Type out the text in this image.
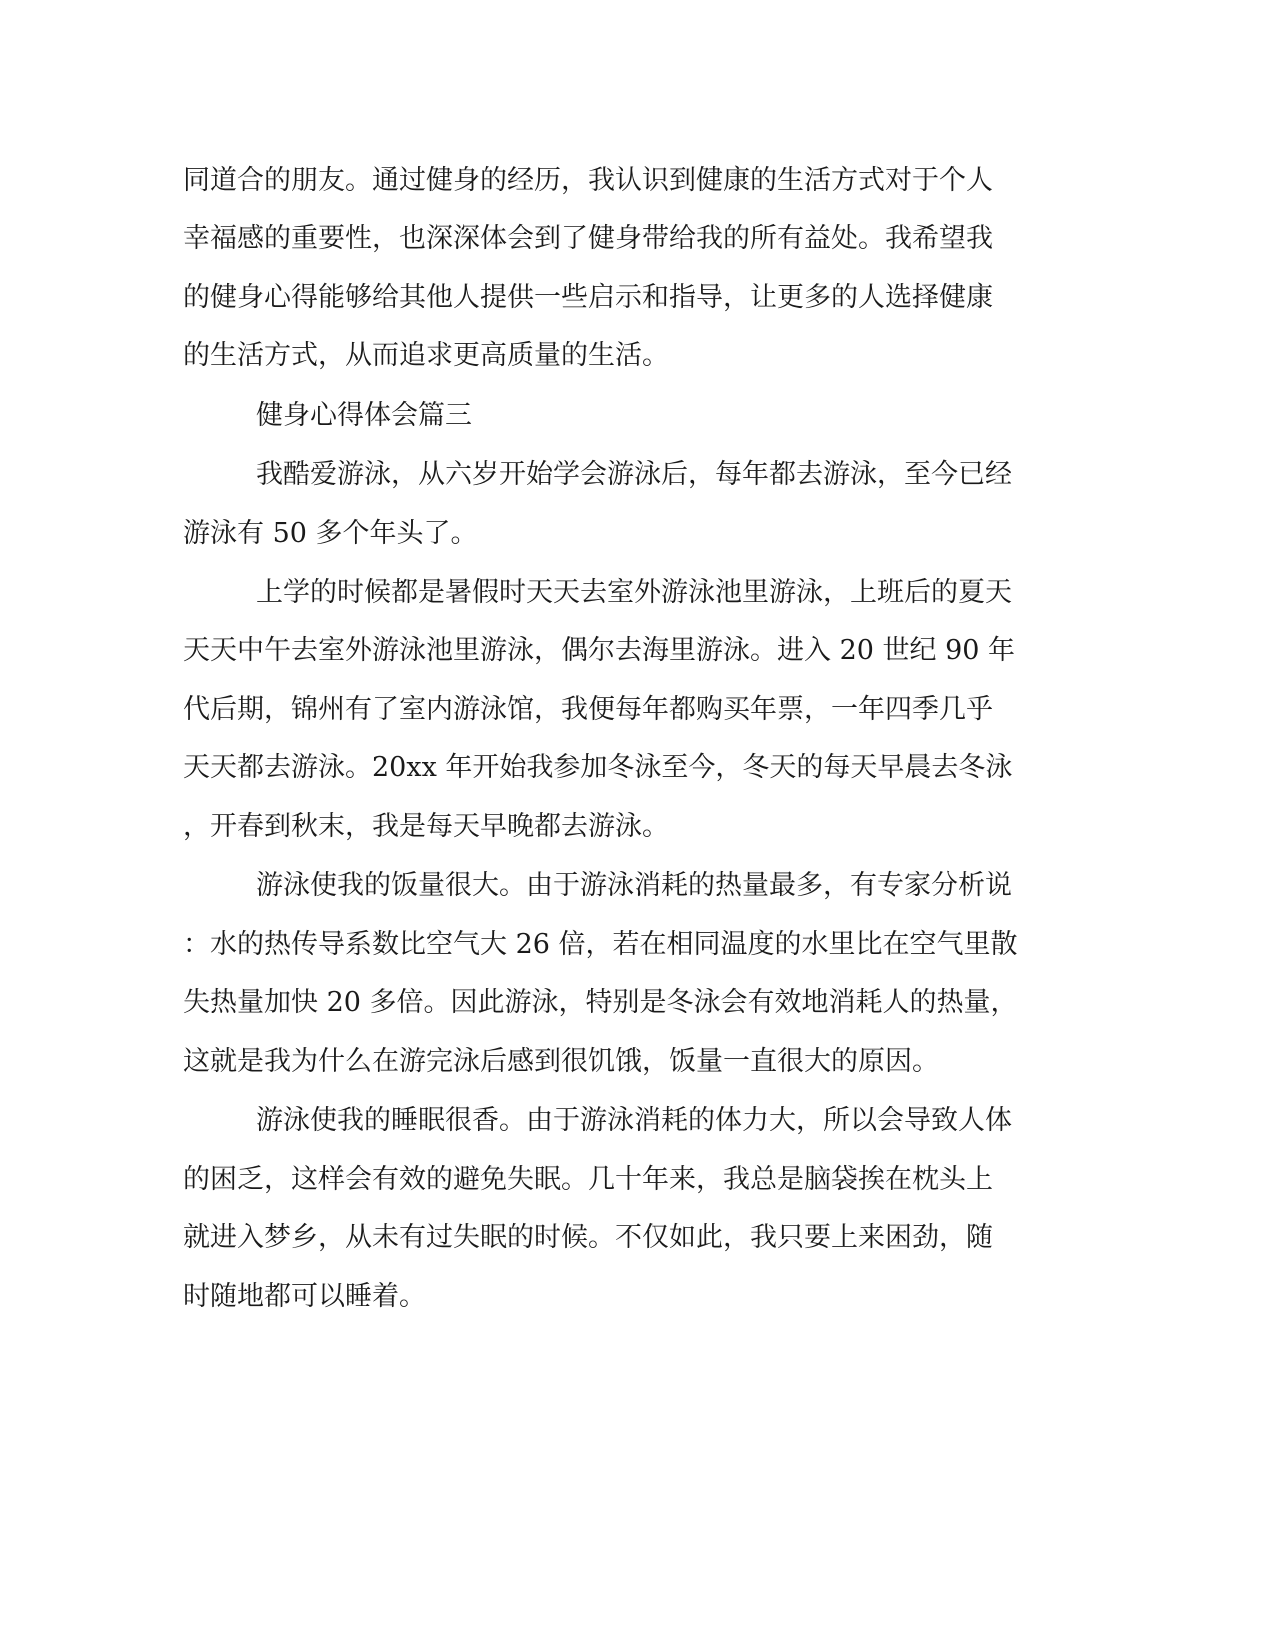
同道合的朋友。通过健身的经历，我认识到健康的生活方式对于个人
幸福感的重要性，也深深体会到了健身带给我的所有益处。我希望我
的健身心得能够给其他人提供一些启示和指导，让更多的人选择健康
的生活方式，从而追求更高质量的生活。
健身心得体会篇三
我酷爱游泳，从六岁开始学会游泳后，每年都去游泳，至今已经
游泳有 50 多个年头了。
上学的时候都是暑假时天天去室外游泳池里游泳，上班后的夏天
天天中午去室外游泳池里游泳，偶尔去海里游泳。进入 20 世纪 90 年
代后期，锦州有了室内游泳馆，我便每年都购买年票，一年四季几乎
天天都去游泳。20xx 年开始我参加冬泳至今，冬天的每天早晨去冬泳
，开春到秋末，我是每天早晚都去游泳。
游泳使我的饭量很大。由于游泳消耗的热量最多，有专家分析说
：水的热传导系数比空气大 26 倍，若在相同温度的水里比在空气里散
失热量加快 20 多倍。因此游泳，特别是冬泳会有效地消耗人的热量，
这就是我为什么在游完泳后感到很饥饿，饭量一直很大的原因。
游泳使我的睡眠很香。由于游泳消耗的体力大，所以会导致人体
的困乏，这样会有效的避免失眠。几十年来，我总是脑袋挨在枕头上
就进入梦乡，从未有过失眠的时候。不仅如此，我只要上来困劲，随
时随地都可以睡着。
